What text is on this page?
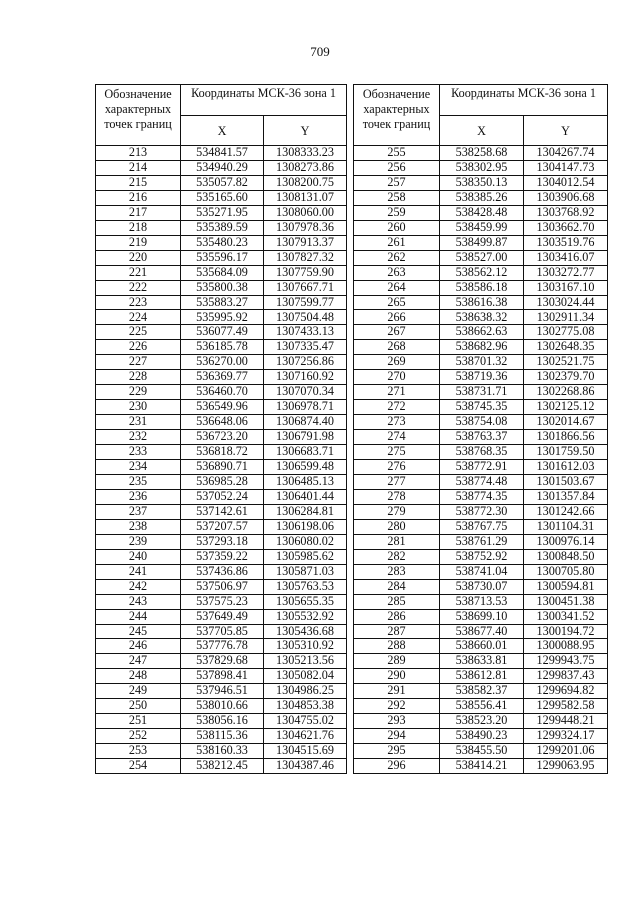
709
Обозначение характерных точек границ	Координаты МСК-36 зона 1	
	X	Y
213	534841.57	1308333.23
214	534940.29	1308273.86
215	535057.82	1308200.75
216	535165.60	1308131.07
217	535271.95	1308060.00
218	535389.59	1307978.36
219	535480.23	1307913.37
220	535596.17	1307827.32
221	535684.09	1307759.90
222	535800.38	1307667.71
223	535883.27	1307599.77
224	535995.92	1307504.48
225	536077.49	1307433.13
226	536185.78	1307335.47
227	536270.00	1307256.86
228	536369.77	1307160.92
229	536460.70	1307070.34
230	536549.96	1306978.71
231	536648.06	1306874.40
232	536723.20	1306791.98
233	536818.72	1306683.71
234	536890.71	1306599.48
235	536985.28	1306485.13
236	537052.24	1306401.44
237	537142.61	1306284.81
238	537207.57	1306198.06
239	537293.18	1306080.02
240	537359.22	1305985.62
241	537436.86	1305871.03
242	537506.97	1305763.53
243	537575.23	1305655.35
244	537649.49	1305532.92
245	537705.85	1305436.68
246	537776.78	1305310.92
247	537829.68	1305213.56
248	537898.41	1305082.04
249	537946.51	1304986.25
250	538010.66	1304853.38
251	538056.16	1304755.02
252	538115.36	1304621.76
253	538160.33	1304515.69
254	538212.45	1304387.46
Обозначение характерных точек границ	Координаты МСК-36 зона 1	
	X	Y
255	538258.68	1304267.74
256	538302.95	1304147.73
257	538350.13	1304012.54
258	538385.26	1303906.68
259	538428.48	1303768.92
260	538459.99	1303662.70
261	538499.87	1303519.76
262	538527.00	1303416.07
263	538562.12	1303272.77
264	538586.18	1303167.10
265	538616.38	1303024.44
266	538638.32	1302911.34
267	538662.63	1302775.08
268	538682.96	1302648.35
269	538701.32	1302521.75
270	538719.36	1302379.70
271	538731.71	1302268.86
272	538745.35	1302125.12
273	538754.08	1302014.67
274	538763.37	1301866.56
275	538768.35	1301759.50
276	538772.91	1301612.03
277	538774.48	1301503.67
278	538774.35	1301357.84
279	538772.30	1301242.66
280	538767.75	1301104.31
281	538761.29	1300976.14
282	538752.92	1300848.50
283	538741.04	1300705.80
284	538730.07	1300594.81
285	538713.53	1300451.38
286	538699.10	1300341.52
287	538677.40	1300194.72
288	538660.01	1300088.95
289	538633.81	1299943.75
290	538612.81	1299837.43
291	538582.37	1299694.82
292	538556.41	1299582.58
293	538523.20	1299448.21
294	538490.23	1299324.17
295	538455.50	1299201.06
296	538414.21	1299063.95
